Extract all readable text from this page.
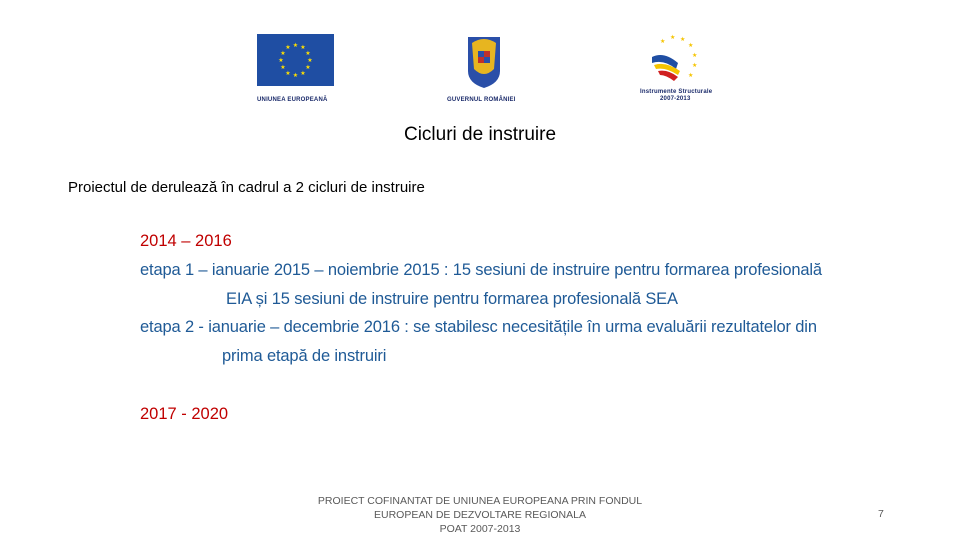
★ ★
★
★
★
★
★
★
★
★
★
★
UNIUNEA EUROPEANĂ	GUVERNUL ROMÂNIEI
★
★ ★
★
★
★
★
Instrumente Structurale
2007-2013
Cicluri de instruire
Proiectul de derulează în cadrul a 2 cicluri de instruire
2014 – 2016
etapa 1 – ianuarie 2015 – noiembrie 2015 : 15 sesiuni de instruire pentru formarea profesională
EIA și 15 sesiuni de instruire pentru formarea profesională SEA
etapa 2 - ianuarie – decembrie 2016 : se stabilesc necesitățile în urma evaluării rezultatelor din
prima etapă de instruiri
2017 - 2020
PROIECT COFINANTAT DE UNIUNEA EUROPEANA PRIN FONDUL
EUROPEAN DE DEZVOLTARE REGIONALA
POAT 2007-2013
7
